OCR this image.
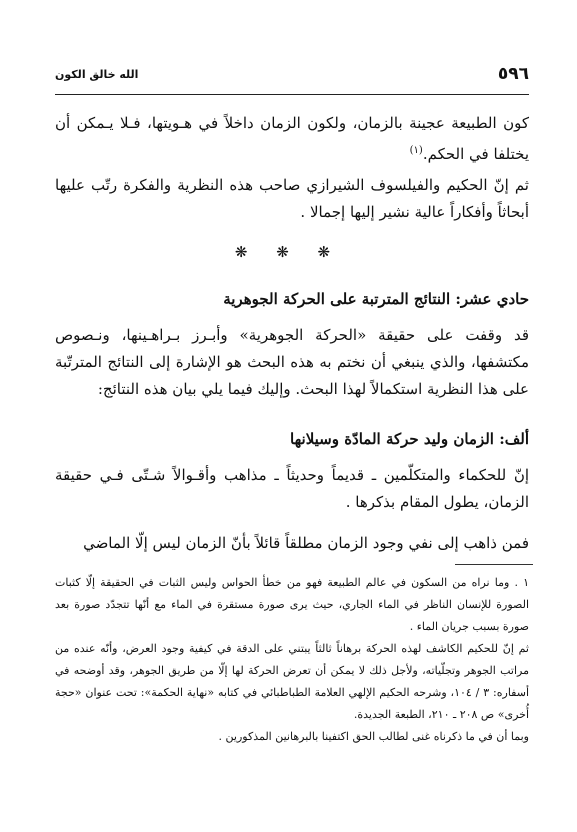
٥٩٦
الله خالق الكون
كون الطبيعة عجينة بالزمان، ولكون الزمان داخلاً في هـويتها، فـلا يـمكن أن يختلفا في الحكم.$^{(١)}$
ثم إنّ الحكيم والفيلسوف الشيرازي صاحب هذه النظرية والفكرة رتّب عليها أبحاثاً وأفكاراً عالية نشير إليها إجمالا .
❋ ❋ ❋
حادي عشر: النتائج المترتبة على الحركة الجوهرية
قد وقفت على حقيقة «الحركة الجوهرية» وأبـرز بـراهـينها، ونـصوص مكتشفها، والذي ينبغي أن نختم به هذه البحث هو الإشارة إلى النتائج المترتّبة على هذا النظرية استكمالاً لهذا البحث. وإليك فيما يلي بيان هذه النتائج:
ألف: الزمان وليد حركة المادّة وسيلانها
إنّ للحكماء والمتكلّمين ـ قديماً وحديثاً ـ مذاهب وأقـوالاً شـتّى فـي حقيقة الزمان، يطول المقام بذكرها .
فمن ذاهب إلى نفي وجود الزمان مطلقاً قائلاً بأنّ الزمان ليس إلّا الماضي

١ . وما نراه من السكون في عالم الطبيعة فهو من خطأ الحواس وليس الثبات في الحقيقة إلّا كثبات الصورة للإنسان الناظر في الماء الجاري، حيث يرى صورة مستقرة في الماء مع أنّها تتجدّد صورة بعد صورة بسبب جريان الماء .

ثم إنّ للحكيم الكاشف لهذه الحركة برهاناً ثالثاً يبتني على الدقة في كيفية وجود العرض، وأنّه عنده من مراتب الجوهر وتجلّياته، ولأجل ذلك لا يمكن أن تعرض الحركة لها إلّا من طريق الجوهر، وقد أوضحه في أسفاره: ٣ / ١٠٤، وشرحه الحكيم الإلهي العلامة الطباطبائي في كتابه «نهاية الحكمة»: تحت عنوان «حجة أُخرى» ص ٢٠٨ ـ ٢١٠، الطبعة الجديدة.

وبما أن في ما ذكرناه غنى لطالب الحق اكتفينا بالبرهانين المذكورين .
